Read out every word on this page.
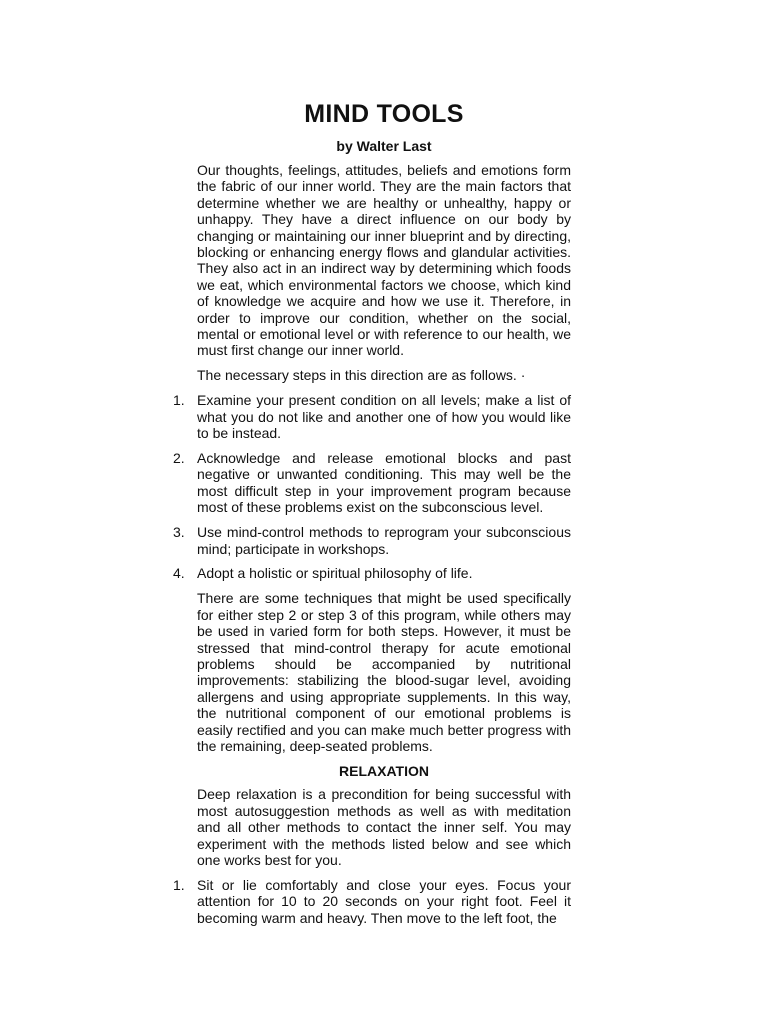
MIND TOOLS
by Walter Last

Our thoughts, feelings, attitudes, beliefs and emotions form the fabric of our inner world. They are the main factors that determine whether we are healthy or unhealthy, happy or unhappy. They have a direct influence on our body by changing or maintaining our inner blueprint and by directing, blocking or enhancing energy flows and glandular activities. They also act in an indirect way by determining which foods we eat, which environmental factors we choose, which kind of knowledge we acquire and how we use it. Therefore, in order to improve our condition, whether on the social, mental or emotional level or with reference to our health, we must first change our inner world.

The necessary steps in this direction are as follows. ·

1. Examine your present condition on all levels; make a list of what you do not like and another one of how you would like to be instead.
2. Acknowledge and release emotional blocks and past negative or unwanted conditioning. This may well be the most difficult step in your improvement program because most of these problems exist on the subconscious level.
3. Use mind-control methods to reprogram your subconscious mind; participate in workshops.
4. Adopt a holistic or spiritual philosophy of life.

There are some techniques that might be used specifically for either step 2 or step 3 of this program, while others may be used in varied form for both steps. However, it must be stressed that mind-control therapy for acute emotional problems should be accompanied by nutritional improvements: stabilizing the blood-sugar level, avoiding allergens and using appropriate supplements. In this way, the nutritional component of our emotional problems is easily rectified and you can make much better progress with the remaining, deep-seated problems.

RELAXATION

Deep relaxation is a precondition for being successful with most autosuggestion methods as well as with meditation and all other methods to contact the inner self. You may experiment with the methods listed below and see which one works best for you.

1. Sit or lie comfortably and close your eyes. Focus your attention for 10 to 20 seconds on your right foot. Feel it becoming warm and heavy. Then move to the left foot, the
